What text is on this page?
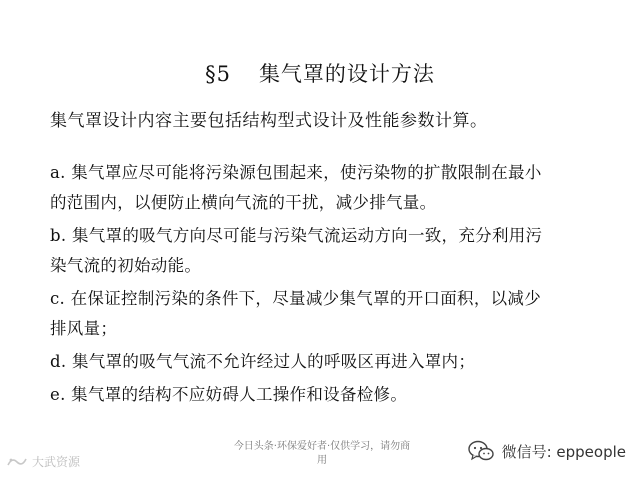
§5 集气罩的设计方法
集气罩设计内容主要包括结构型式设计及性能参数计算。
a. 集气罩应尽可能将污染源包围起来，使污染物的扩散限制在最小
的范围内，以便防止横向气流的干扰，减少排气量。
b. 集气罩的吸气方向尽可能与污染气流运动方向一致，充分利用污
染气流的初始动能。
c. 在保证控制污染的条件下，尽量减少集气罩的开口面积，以减少
排风量；
d. 集气罩的吸气气流不允许经过人的呼吸区再进入罩内；
e. 集气罩的结构不应妨碍人工操作和设备检修。
大武资源
今日头条·环保爱好者·仅供学习，请勿商
用	微信号: eppeople
